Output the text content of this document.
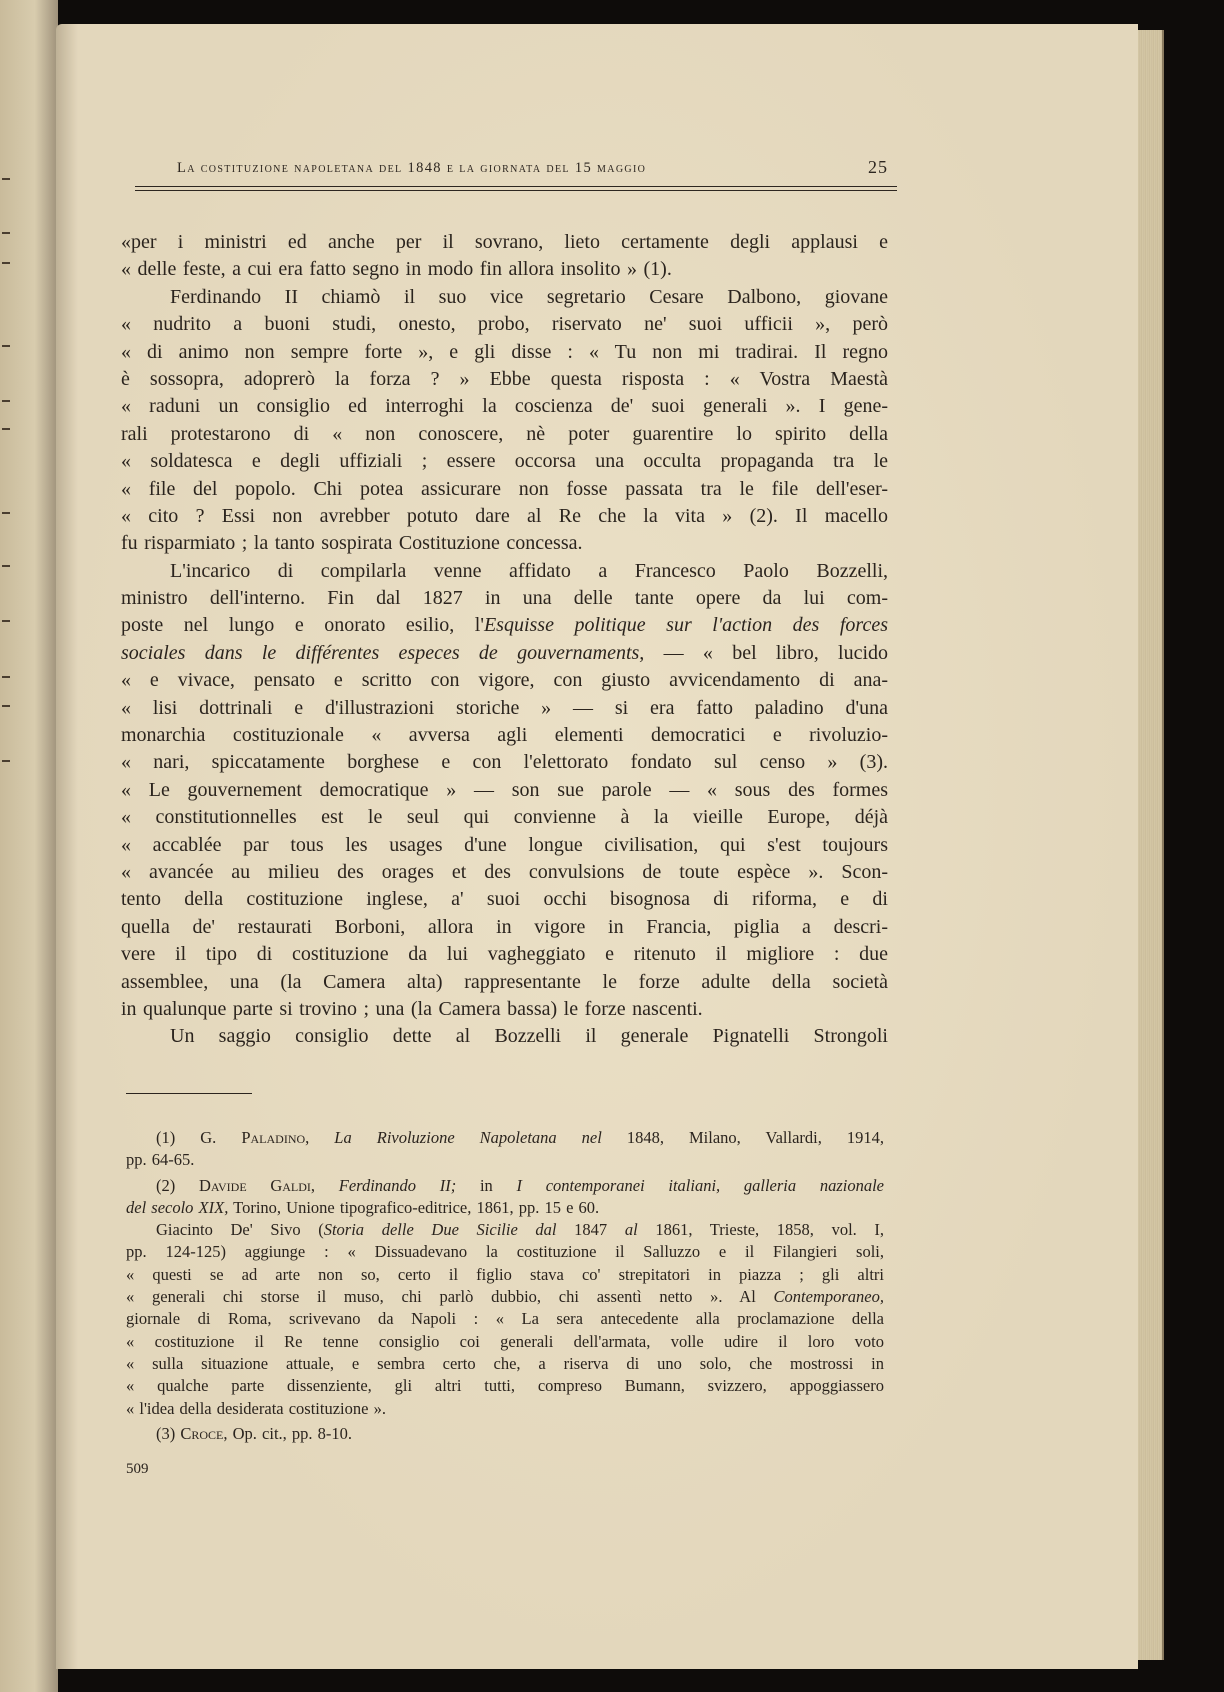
La costituzione napoletana del 1848 e la giornata del 15 maggio	25
«per i ministri ed anche per il sovrano, lieto certamente degli applausi e
« delle feste, a cui era fatto segno in modo fin allora insolito » (1).
Ferdinando II chiamò il suo vice segretario Cesare Dalbono, giovane
« nudrito a buoni studi, onesto, probo, riservato ne' suoi ufficii », però
« di animo non sempre forte », e gli disse : « Tu non mi tradirai. Il regno
è sossopra, adoprerò la forza ? » Ebbe questa risposta : « Vostra Maestà
« raduni un consiglio ed interroghi la coscienza de' suoi generali ». I gene-
rali protestarono di « non conoscere, nè poter guarentire lo spirito della
« soldatesca e degli uffiziali ; essere occorsa una occulta propaganda tra le
« file del popolo. Chi potea assicurare non fosse passata tra le file dell'eser-
« cito ? Essi non avrebber potuto dare al Re che la vita » (2). Il macello
fu risparmiato ; la tanto sospirata Costituzione concessa.
L'incarico di compilarla venne affidato a Francesco Paolo Bozzelli,
ministro dell'interno. Fin dal 1827 in una delle tante opere da lui com-
poste nel lungo e onorato esilio, l'Esquisse politique sur l'action des forces
sociales dans le différentes especes de gouvernaments, — « bel libro, lucido
« e vivace, pensato e scritto con vigore, con giusto avvicendamento di ana-
« lisi dottrinali e d'illustrazioni storiche » — si era fatto paladino d'una
monarchia costituzionale « avversa agli elementi democratici e rivoluzio-
« nari, spiccatamente borghese e con l'elettorato fondato sul censo » (3).
« Le gouvernement democratique » — son sue parole — « sous des formes
« constitutionnelles est le seul qui convienne à la vieille Europe, déjà
« accablée par tous les usages d'une longue civilisation, qui s'est toujours
« avancée au milieu des orages et des convulsions de toute espèce ». Scon-
tento della costituzione inglese, a' suoi occhi bisognosa di riforma, e di
quella de' restaurati Borboni, allora in vigore in Francia, piglia a descri-
vere il tipo di costituzione da lui vagheggiato e ritenuto il migliore : due
assemblee, una (la Camera alta) rappresentante le forze adulte della società
in qualunque parte si trovino ; una (la Camera bassa) le forze nascenti.
Un saggio consiglio dette al Bozzelli il generale Pignatelli Strongoli
(1) G. Paladino, La Rivoluzione Napoletana nel 1848, Milano, Vallardi, 1914,
pp. 64-65.
(2) Davide Galdi, Ferdinando II; in I contemporanei italiani, galleria nazionale
del secolo XIX, Torino, Unione tipografico-editrice, 1861, pp. 15 e 60.
Giacinto De' Sivo (Storia delle Due Sicilie dal 1847 al 1861, Trieste, 1858, vol. I,
pp. 124-125) aggiunge : « Dissuadevano la costituzione il Salluzzo e il Filangieri soli,
« questi se ad arte non so, certo il figlio stava co' strepitatori in piazza ; gli altri
« generali chi storse il muso, chi parlò dubbio, chi assentì netto ». Al Contemporaneo,
giornale di Roma, scrivevano da Napoli : « La sera antecedente alla proclamazione della
« costituzione il Re tenne consiglio coi generali dell'armata, volle udire il loro voto
« sulla situazione attuale, e sembra certo che, a riserva di uno solo, che mostrossi in
« qualche parte dissenziente, gli altri tutti, compreso Bumann, svizzero, appoggiassero
« l'idea della desiderata costituzione ».
(3) Croce, Op. cit., pp. 8-10.
509
